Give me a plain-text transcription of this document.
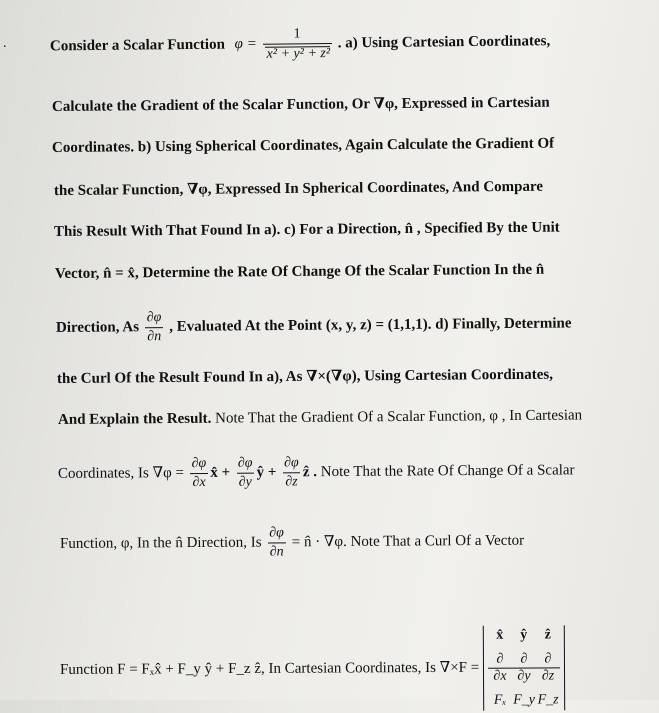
.	Consider a Scalar Function $\varphi = \frac{1}{\text{x² + y² + z²}}$ . a) Using Cartesian Coordinates,
Calculate the Gradient of the Scalar Function, Or ∇φ, Expressed in Cartesian
Coordinates. b) Using Spherical Coordinates, Again Calculate the Gradient Of
the Scalar Function, ∇φ, Expressed In Spherical Coordinates, And Compare
This Result With That Found In a). c) For a Direction, n̂ , Specified By the Unit
Vector, n̂ = x̂, Determine the Rate Of Change Of the Scalar Function In the n̂
Direction, As $\frac{\partial\varphi}{\partial n}$ , Evaluated At the Point (x, y, z) = (1,1,1). d) Finally, Determine
the Curl Of the Result Found In a), As ∇×(∇φ), Using Cartesian Coordinates,
And Explain the Result. Note That the Gradient Of a Scalar Function, φ , In Cartesian
Coordinates, Is $\nabla\varphi = \frac{\partial\varphi}{\partial x}$ x̂ + $\frac{\partial\varphi}{\partial y}$ ŷ + $\frac{\partial\varphi}{\partial z}$ ẑ . Note That the Rate Of Change Of a Scalar
Function, φ, In the n̂ Direction, Is $\frac{\partial\varphi}{\partial n}$ = n̂ · ∇φ. Note That a Curl Of a Vector
Function F = Fₓx̂ + F_y ŷ + F_z ẑ, In Cartesian Coordinates, Is ∇×F =
x̂	ŷ	ẑ
∂	∂	∂
∂x ∂y ∂z
Fₓ F_y F_z
